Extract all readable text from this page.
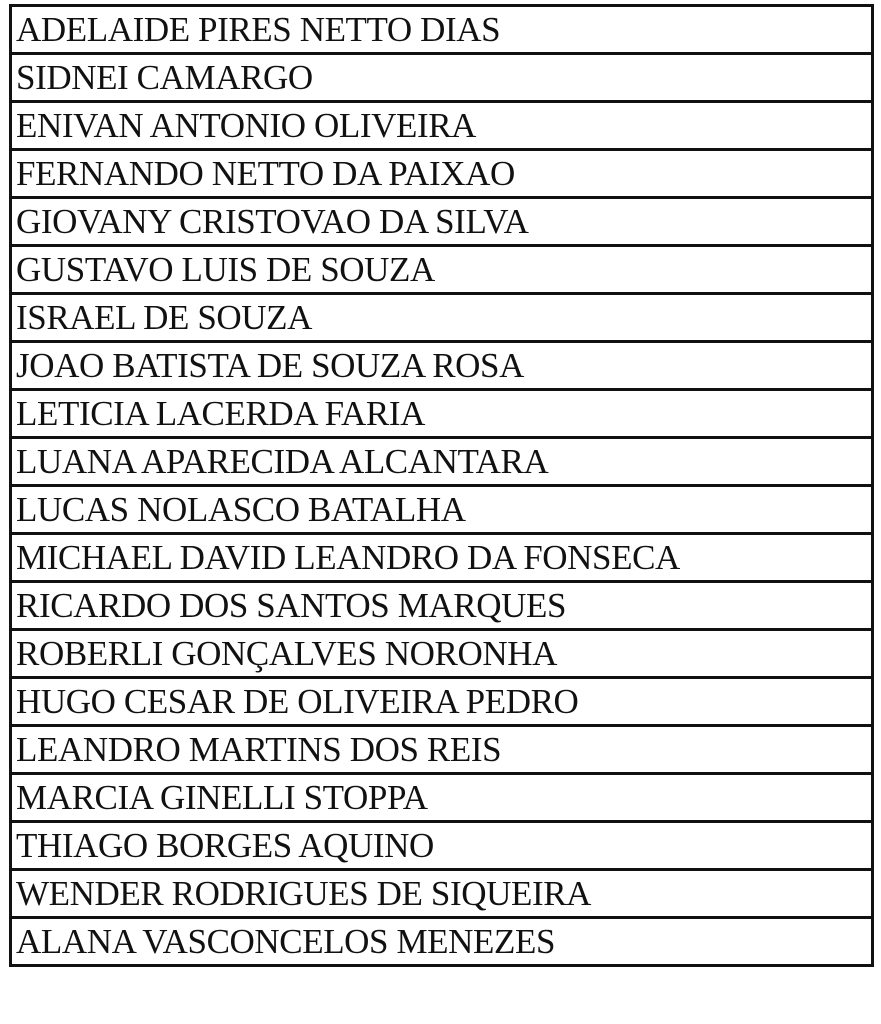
ADELAIDE PIRES NETTO DIAS
SIDNEI CAMARGO
ENIVAN ANTONIO OLIVEIRA
FERNANDO NETTO DA PAIXAO
GIOVANY CRISTOVAO DA SILVA
GUSTAVO LUIS DE SOUZA
ISRAEL DE SOUZA
JOAO BATISTA DE SOUZA ROSA
LETICIA LACERDA FARIA
LUANA APARECIDA ALCANTARA
LUCAS NOLASCO BATALHA
MICHAEL DAVID LEANDRO DA FONSECA
RICARDO DOS SANTOS MARQUES
ROBERLI GONÇALVES NORONHA
HUGO CESAR DE OLIVEIRA PEDRO
LEANDRO MARTINS DOS REIS
MARCIA GINELLI STOPPA
THIAGO BORGES AQUINO
WENDER RODRIGUES DE SIQUEIRA
ALANA VASCONCELOS MENEZES
